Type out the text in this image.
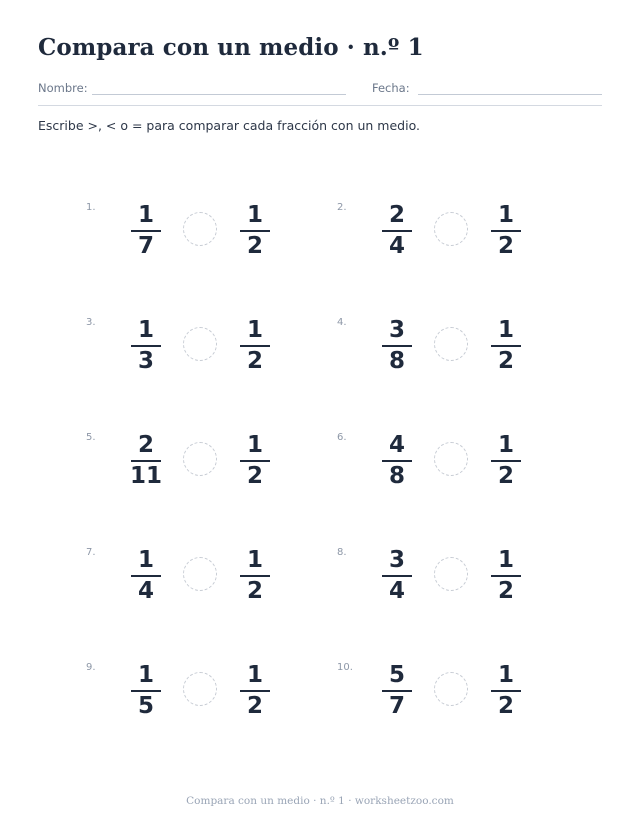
Compara con un medio · n.º 1
Nombre:	Fecha:
Escribe >, < o = para comparar cada fracción con un medio.
1.	1
7
1
2
2.	2
4
1
2
3.	1
3
1
2
4.	3
8
1
2
5.	2
11
1
2
6.	4
8
1
2
7.	1
4
1
2
8.	3
4
1
2
9.	1
5
1
2
10.	5
7
1
2
Compara con un medio · n.º 1 · worksheetzoo.com
